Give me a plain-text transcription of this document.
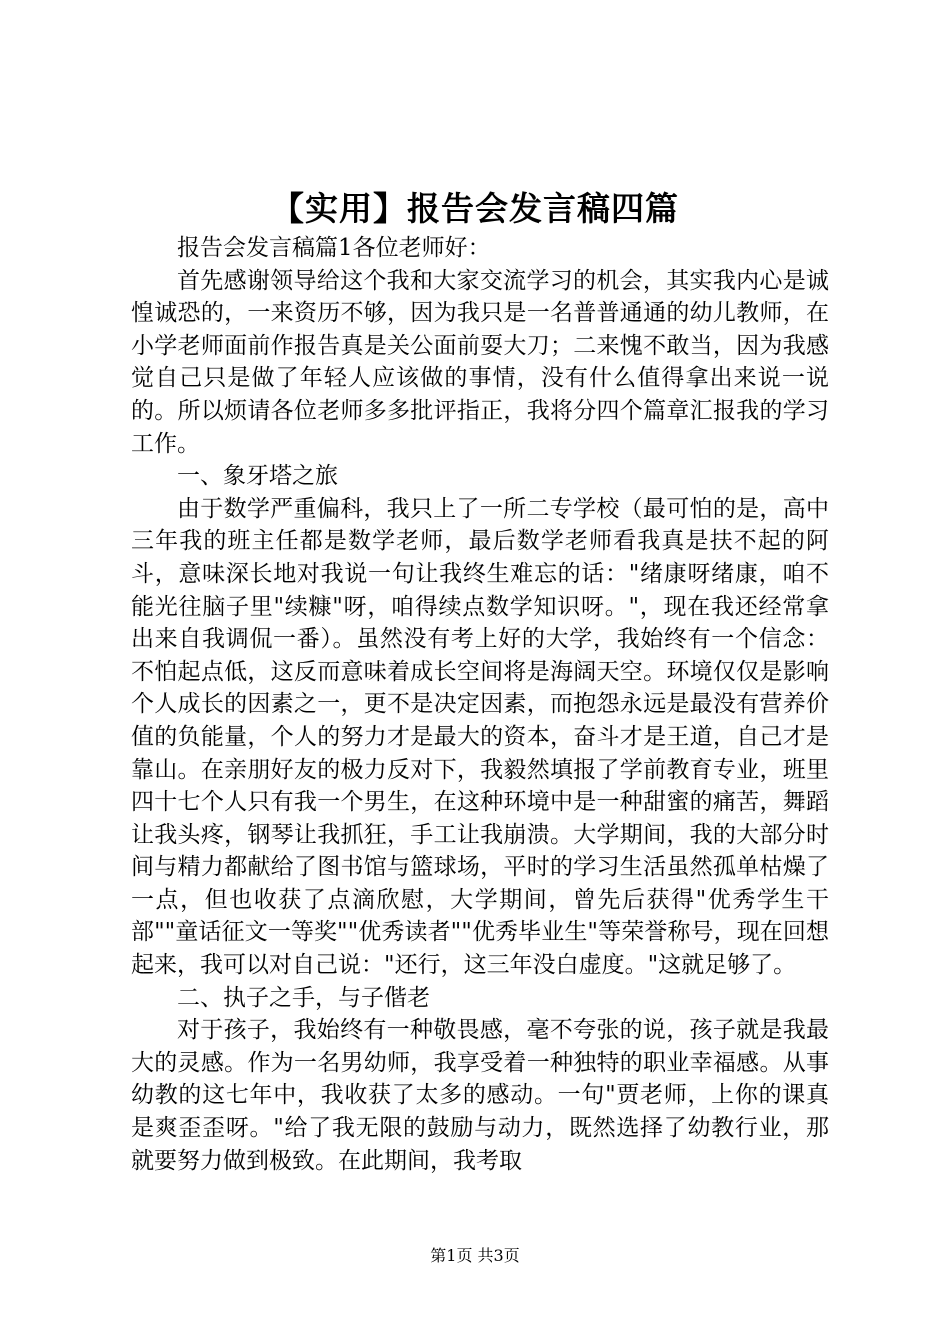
【实用】报告会发言稿四篇

报告会发言稿篇1各位老师好：

首先感谢领导给这个我和大家交流学习的机会，其实我内心是诚惶诚恐的，一来资历不够，因为我只是一名普普通通的幼儿教师，在小学老师面前作报告真是关公面前耍大刀；二来愧不敢当，因为我感觉自己只是做了年轻人应该做的事情，没有什么值得拿出来说一说的。所以烦请各位老师多多批评指正，我将分四个篇章汇报我的学习工作。

一、象牙塔之旅

由于数学严重偏科，我只上了一所二专学校（最可怕的是，高中三年我的班主任都是数学老师，最后数学老师看我真是扶不起的阿斗，意味深长地对我说一句让我终生难忘的话："绪康呀绪康，咱不能光往脑子里"续糠"呀，咱得续点数学知识呀。"，现在我还经常拿出来自我调侃一番）。虽然没有考上好的大学，我始终有一个信念：不怕起点低，这反而意味着成长空间将是海阔天空。环境仅仅是影响个人成长的因素之一，更不是决定因素，而抱怨永远是最没有营养价值的负能量，个人的努力才是最大的资本，奋斗才是王道，自己才是靠山。在亲朋好友的极力反对下，我毅然填报了学前教育专业，班里四十七个人只有我一个男生，在这种环境中是一种甜蜜的痛苦，舞蹈让我头疼，钢琴让我抓狂，手工让我崩溃。大学期间，我的大部分时间与精力都献给了图书馆与篮球场，平时的学习生活虽然孤单枯燥了一点，但也收获了点滴欣慰，大学期间，曾先后获得"优秀学生干部""童话征文一等奖""优秀读者""优秀毕业生"等荣誉称号，现在回想起来，我可以对自己说："还行，这三年没白虚度。"这就足够了。

二、执子之手，与子偕老

对于孩子，我始终有一种敬畏感，毫不夸张的说，孩子就是我最大的灵感。作为一名男幼师，我享受着一种独特的职业幸福感。从事幼教的这七年中，我收获了太多的感动。一句"贾老师，上你的课真是爽歪歪呀。"给了我无限的鼓励与动力，既然选择了幼教行业，那就要努力做到极致。在此期间，我考取

第1页 共3页
